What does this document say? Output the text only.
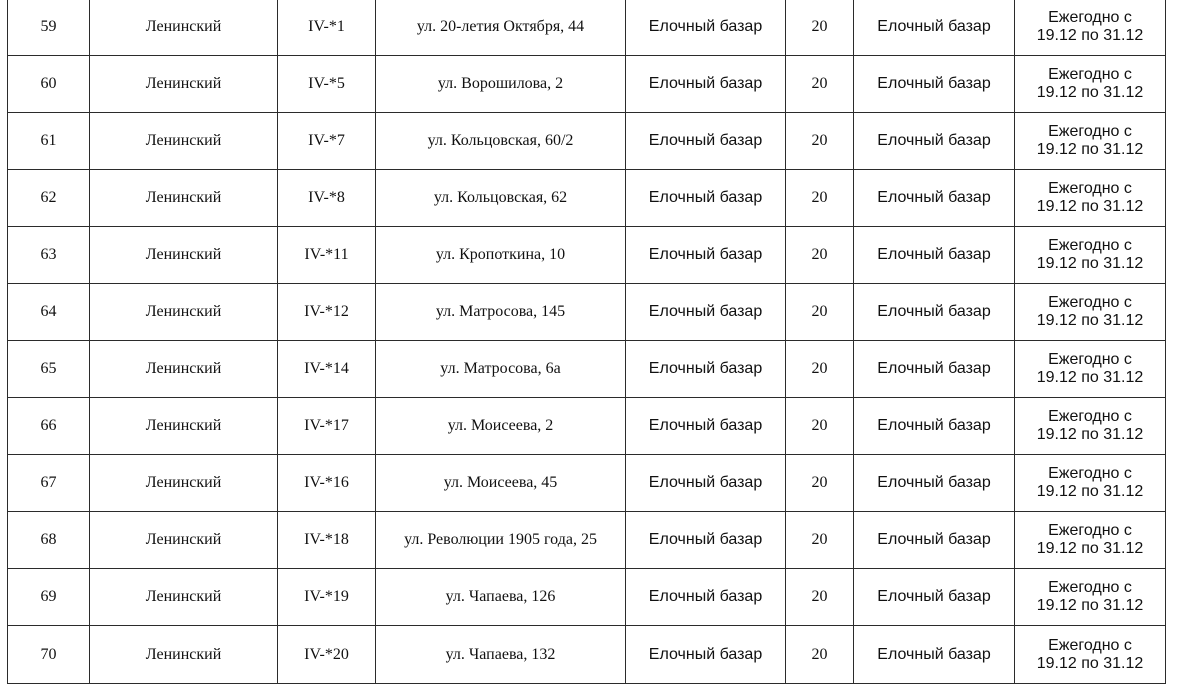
59	Ленинский	IV-*1	ул. 20-летия Октября, 44	Елочный базар	20	Елочный базар	Ежегодно с
19.12 по 31.12

60	Ленинский	IV-*5	ул. Ворошилова, 2	Елочный базар	20	Елочный базар	Ежегодно с
19.12 по 31.12

61	Ленинский	IV-*7	ул. Кольцовская, 60/2	Елочный базар	20	Елочный базар	Ежегодно с
19.12 по 31.12

62	Ленинский	IV-*8	ул. Кольцовская, 62	Елочный базар	20	Елочный базар	Ежегодно с
19.12 по 31.12

63	Ленинский	IV-*11	ул. Кропоткина, 10	Елочный базар	20	Елочный базар	Ежегодно с
19.12 по 31.12

64	Ленинский	IV-*12	ул. Матросова, 145	Елочный базар	20	Елочный базар	Ежегодно с
19.12 по 31.12

65	Ленинский	IV-*14	ул. Матросова, 6а	Елочный базар	20	Елочный базар	Ежегодно с
19.12 по 31.12

66	Ленинский	IV-*17	ул. Моисеева, 2	Елочный базар	20	Елочный базар	Ежегодно с
19.12 по 31.12

67	Ленинский	IV-*16	ул. Моисеева, 45	Елочный базар	20	Елочный базар	Ежегодно с
19.12 по 31.12

68	Ленинский	IV-*18	ул. Революции 1905 года, 25	Елочный базар	20	Елочный базар	Ежегодно с
19.12 по 31.12

69	Ленинский	IV-*19	ул. Чапаева, 126	Елочный базар	20	Елочный базар	Ежегодно с
19.12 по 31.12

70	Ленинский	IV-*20	ул. Чапаева, 132	Елочный базар	20	Елочный базар	Ежегодно с
19.12 по 31.12
